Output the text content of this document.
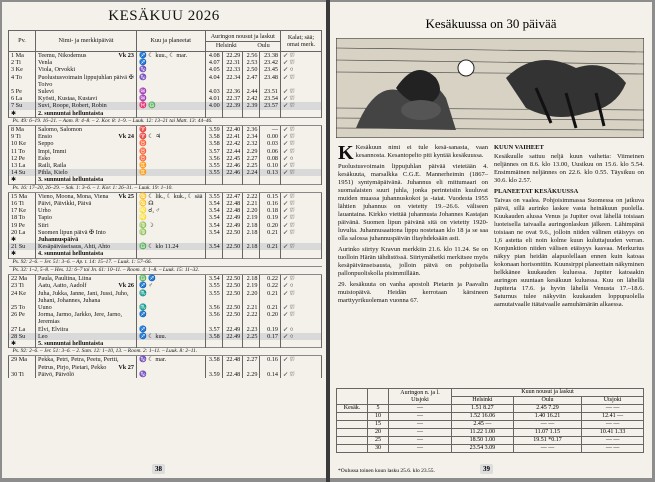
KESÄKUU 2026
Pv.	Nimi- ja merkkipäivät	Kuu ja planeetat	Auringon nousut ja laskut
Helsinki Oulu				Kalat; sää; omat merk.
1 Ma	Teemu, Nikodemus Vk 23	♐ ☾ kuu., ☾ mar.	4.08	22.29	2.56	23.38	↙ ⛆
2 Ti	Venla	♐	4.07	22.31	2.53	23.42	↙ ⛆
3 Ke	Viola, Orvokki	♑	4.05	22.33	2.50	23.45	↙ ○
4 To	Puolustusvoimain lippujuhlan päivä ✠ Toivo	♑	4.04	22.34	2.47	23.48	↙ ⛆
5 Pe	Sulevi	♒	4.03	22.36	2.44	23.51	↙ ⛆
6 La	Kyösti, Kustaa, Kustavi	♒	4.01	22.37	2.42	23.54	↙ ⛆
7 Su	Suvi, Roope, Robert, Robin	♓ ♎	4.00	22.39	2.39	23.57	↙ ⛆
✱	2. sunnuntai helluntaista						
Ps. 49: 6–19. 16–21. – Aam. 8: 4–8. – 2. Kor. 8: 1–9. – Luuk. 12: 13–21 tai Matt. 13: 44–46.							
8 Ma	Salomo, Salomon	♈	3.59	22.40	2.36	—	↙ ⛆
9 Ti	Ensio Vk 24	♈ ☾ ♃	3.58	22.41	2.34	0.00	↙ ⛆
10 Ke	Seppo	♉	3.58	22.42	2.32	0.03	↙ ⛆
11 To	Impi, Immi	♉	3.57	22.44	2.29	0.06	↙ ⛆
12 Pe	Esko	♉	3.56	22.45	2.27	0.08	↙ ○
13 La	Raili, Raila	♊	3.55	22.46	2.25	0.10	↙ ⛆
14 Su	Pihla, Kielo	♊	3.55	22.46	2.24	0.13	↙ ⛆
✱	3. sunnuntai helluntaista						
Ps. 16: 17–20, 26–29. – Sak. 1: 3–6. – 1. Kor. 1: 26–31. – Luuk. 19: 1–10.							
15 Ma	Vieno, Moona, Mona, Viena Vk 25	♋ ☾ lik., ☾ kuk., ☾ sää	3.55	22.47	2.22	0.15	↙ ⛆
16 Ti	Päivi, Päivikki, Päivä	♋ ☊	3.54	22.48	2.21	0.16	↙ ⛆
17 Ke	Urho	♌ ☌, ♂	3.54	22.48	2.20	0.18	↙ ⛆
18 To	Tapio	♌	3.54	22.49	2.19	0.19	↙ ⛆
19 Pe	Siiri	♍ ☽	3.54	22.49	2.18	0.20	↙ ⛆
20 La	Suomen lipun päivä ✠ Into	♍	3.54	22.50	2.18	0.21	↙ ⛆
✱	Juhannuspäivä						
21 Su	Kesäpäiväseisaus, Ahti, Ahto	♎ ☾ klo 11.24	3.54	22.50	2.18	0.21	↙ ⛆
✱	4. sunnuntai helluntaista						
Ps. 92: 2–6. – Jer. 51: 3–6. – Ap. t. 14: 15–17. – Luuk. 1: 57–66.							
Ps. 32: 1–2, 5–8. – Hes. 12: 6–7 tai Jn. 61: 10–11. – Room. 4: 1–8. – Luuk. 15: 11–32.							
22 Ma	Paula, Pauliina, Liina	♎ ♐	3.54	22.50	2.18	0.22	↙ ⛆
23 Ti	Aatu, Aatto, Aadolf Vk 26	♐ ♂	3.55	22.50	2.19	0.22	↙ ○
24 Ke	Juha, Jukka, Janne, Jani, Jussi, Juho, Juhani, Johannes, Juhana	♏	3.55	22.50	2.20	0.21	↙ ⛆
25 To	Uuno	♏	3.56	22.50	2.21	0.21	↙ ⛆
26 Pe	Jorma, Jarmo, Jarkko, Jere, Jarno, Jeremias	♐	3.56	22.50	2.22	0.20	↙ ⛆
27 La	Elvi, Elviira	♐	3.57	22.49	2.23	0.19	↙ ○
28 Su	Leo	♐ ☾ kuu.	3.58	22.49	2.25	0.17	↙ ○
✱	5. sunnuntai helluntaista						
Ps. 92: 2–6. – Jer. 51: 3–6. – 2. Sam. 12: 1–10, 13. – Room. 2: 1–11. – Luuk. 8: 2–11.							
29 Ma	Pekka, Petri, Petra, Peetu, Pertti, Petrus, Pirjo, Pietari, Pekko Vk 27	♑ ☾ mar.	3.58	22.48	2.27	0.16	↙ ⛆
30 Ti	Päivö, Päivölö	♑	3.59	22.48	2.29	0.14	↙ ⛆
38
Kesäkuussa on 30 päivää

K Kesäkuun nimi ei tule kesä-sanasta, vaan kesannosta. Kesantopelto piti kyntää kesäkuussa.

Puolustusvoimain lippujuhlan päivää vietetään 4. kesäkuuta, marsalkka C.G.E. Mannerheimin (1867–1951) syntymäpäivänä. Juhannus eli mittumaari on suomalaisten suuri juhla, jonka perinteisiin kuuluvat muiden muassa juhannuskokot ja -taiat. Vuodesta 1955 lähtien juhannus on vietetty 19.–26.6. väliseen lauantaina. Kirkko viettää juhannusta Johannes Kastajan päivänä. Suomen lipun päivänä sitä on vietetty 1920-luvulta. Juhannusaattona lippu nostetaan klo 18 ja se saa olla salossa juhannuspäivän iltayhdeksään asti.

Aurinko siirtyy Kravun merkkiin 21.6. klo 11.24. Se on tuolloin Härän tähdistössä. Siirtymähetki merkitsee myös kesäpäivänseisausta, jolloin päivä on pohjoisella pallonpuoliskolla pisimmillään.

29. kesäkuuta on vanha apostoli Pietarin ja Paavalin muistopäivä. Heidän kerrotaan kärsineen marttyyrikuoleman vuonna 67.

KUUN VAIHEET

Kesäkuulle sattuu neljä kuun vaihetta: Viimeinen neljännes on 8.6. klo 13.00, Uusikuu on 15.6. klo 5.54. Ensimmäinen neljännes on 22.6. klo 0.55. Täysikuu on 30.6. klo 2.57.

PLANEETAT KESÄKUUSSA

Taivas on vaalea. Pohjoisimmassa Suomessa on jatkuva päivä, sillä aurinko laskee vasta heinäkuun puolella. Kuukauden alussa Venus ja Jupiter ovat lähellä toisiaan luoteisella taivaalla auringonlaskun jälkeen. Lähimpänä toisiaan ne ovat 9.6., jolloin niiden välinen etäisyys on 1,6 astetta eli noin kolme kuun kuluttajuuden verran. Konjunktion niiden välisen etäisyys kasvaa. Merkurius näkyy pian heidän alapuolellaan ennen kuin katoaa kokonaan horisonttiin. Kuunsirppi planeettain näkyminen helkkänee kuukauden kuluessa. Jupiter katoaakin auringon suuntaan kesäkuun kuluessa. Kuu on lähellä Jupiteria 17.6. ja hyvin lähellä Venusta 17.–18.6. Saturnus tulee näkyviin kuukauden loppupuolella aamutaivaalle itätaivaalle aamuhämärän alkaessa.

		Auringon n. ja l.
Utsjoki	Kuun nousut ja laskut		
			Helsinki	Oulu	Utsjoki
Kesäk.	5	—	1.51 8.27	2.45 7.29	— —
	10	—	1.52 16.06	1.40 16.21	12.41 —
	15	—	2.45 —	— —	— —
	20	—	11.22 1.00	11.07 1.15	10.41 1.33
	25	—	18.50 1.00	19.51 *0.17	— —
	30	—	23.54 3.09	— —	— —
*Oulussa toinen kuun lasku 25.6. klo 23.55.	39
